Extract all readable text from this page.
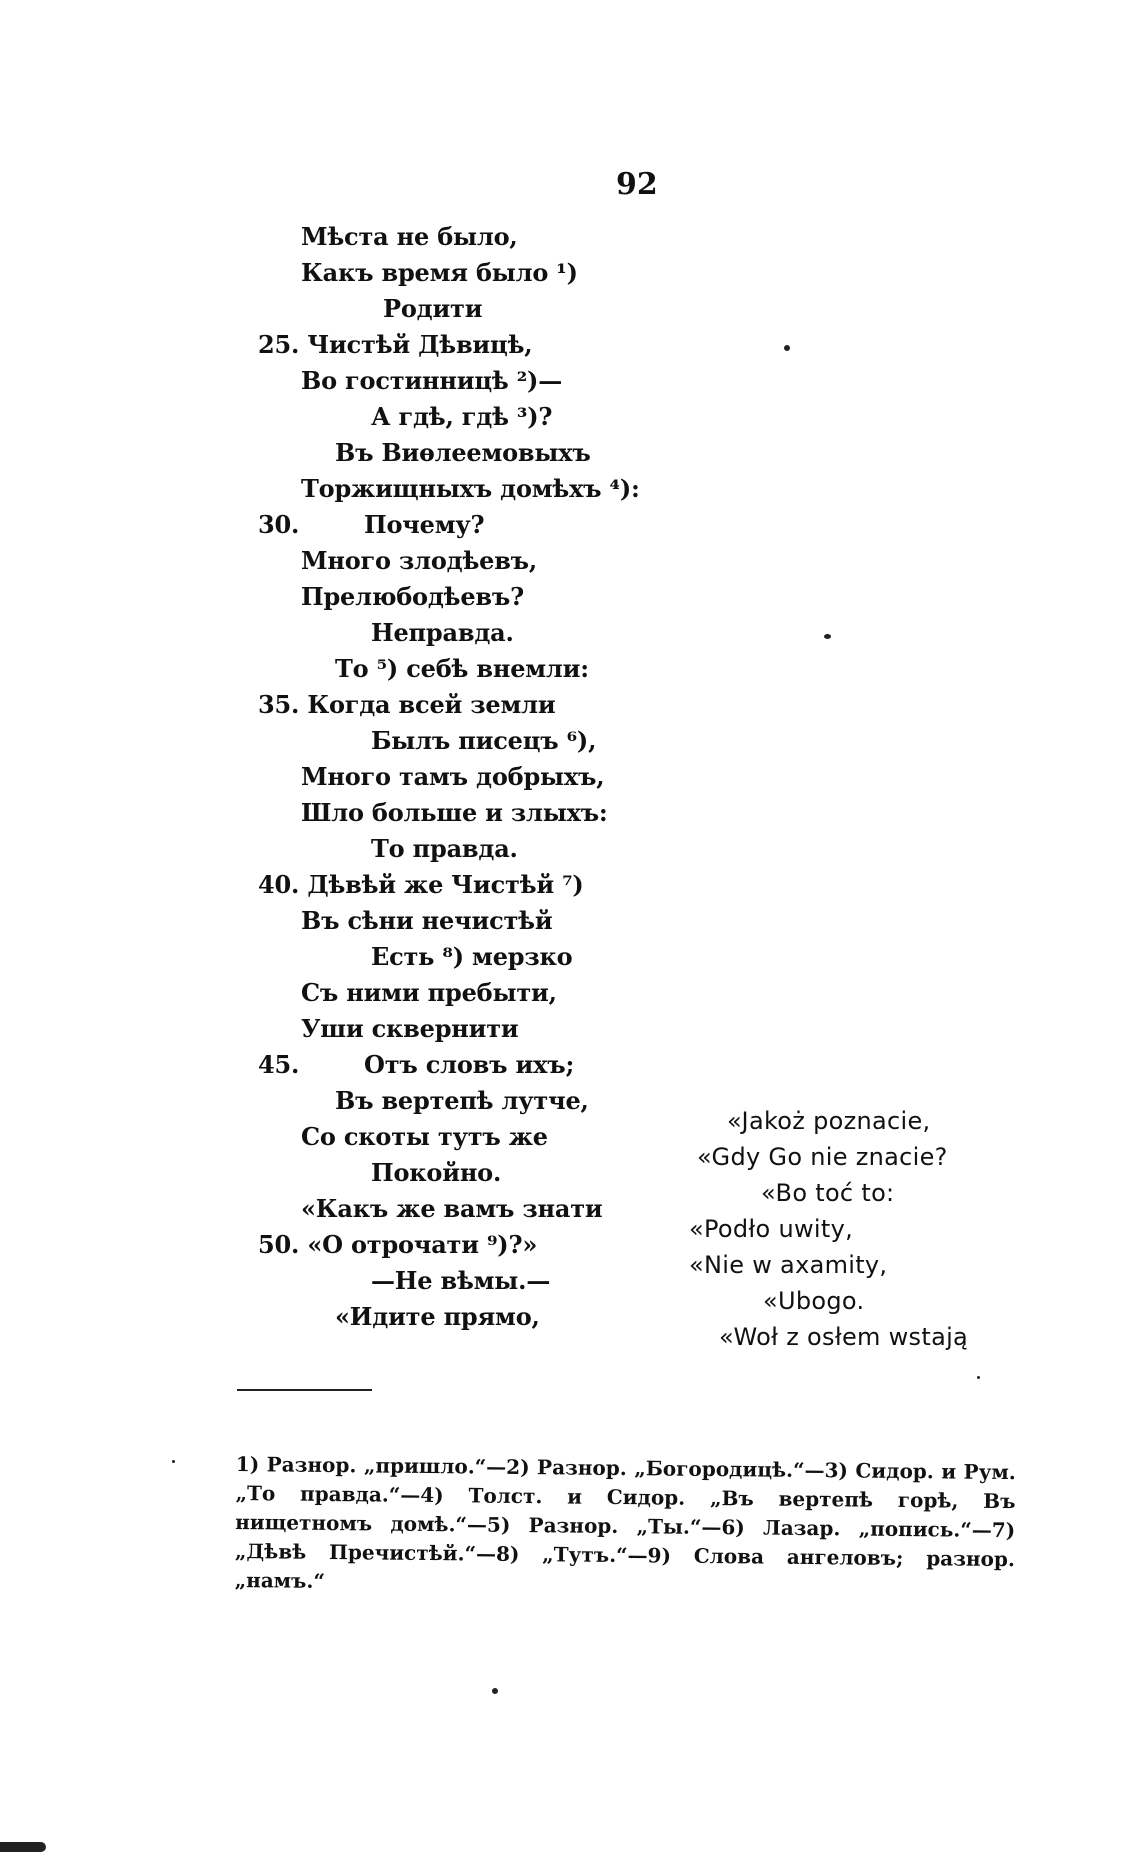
92
Мѣста не было,
Какъ время было ¹)
Родити
25. Чистѣй Дѣвицѣ,
Во гостинницѣ ²)—
А гдѣ, гдѣ ³)?
Въ Виѳлеемовыхъ
Торжищныхъ домѣхъ ⁴):
30.	Почему?
Много злодѣевъ,
Прелюбодѣевъ?
Неправда.
То ⁵) себѣ внемли:
35. Когда всей земли
Былъ писецъ ⁶),
Много тамъ добрыхъ,
Шло больше и злыхъ:
То правда.
40. Дѣвѣй же Чистѣй ⁷)
Въ сѣни нечистѣй
Есть ⁸) мерзко
Съ ними пребыти,
Уши сквернити
45.	Отъ словъ ихъ;
Въ вертепѣ лутче,
Со скоты тутъ же
Покойно.
«Какъ же вамъ знати
50. «О отрочати ⁹)?»
—Не вѣмы.—
«Идите прямо,
«Jakoż poznacie,
«Gdy Go nie znacie?
«Bo toć to:
«Podło uwity,
«Nie w axamity,
«Ubogo.
«Woł z osłem wstają

1) Разнор. „пришло.“—2) Разнор. „Богородицѣ.“—3) Сидор. и Рум. „То правда.“—4) Толст. и Сидор. „Въ вертепѣ горѣ, Въ нищетномъ домѣ.“—5) Разнор. „Ты.“—6) Лазар. „попись.“—7) „Дѣвѣ Пречистѣй.“—8) „Тутъ.“—9) Слова ангеловъ; разнор. „намъ.“
